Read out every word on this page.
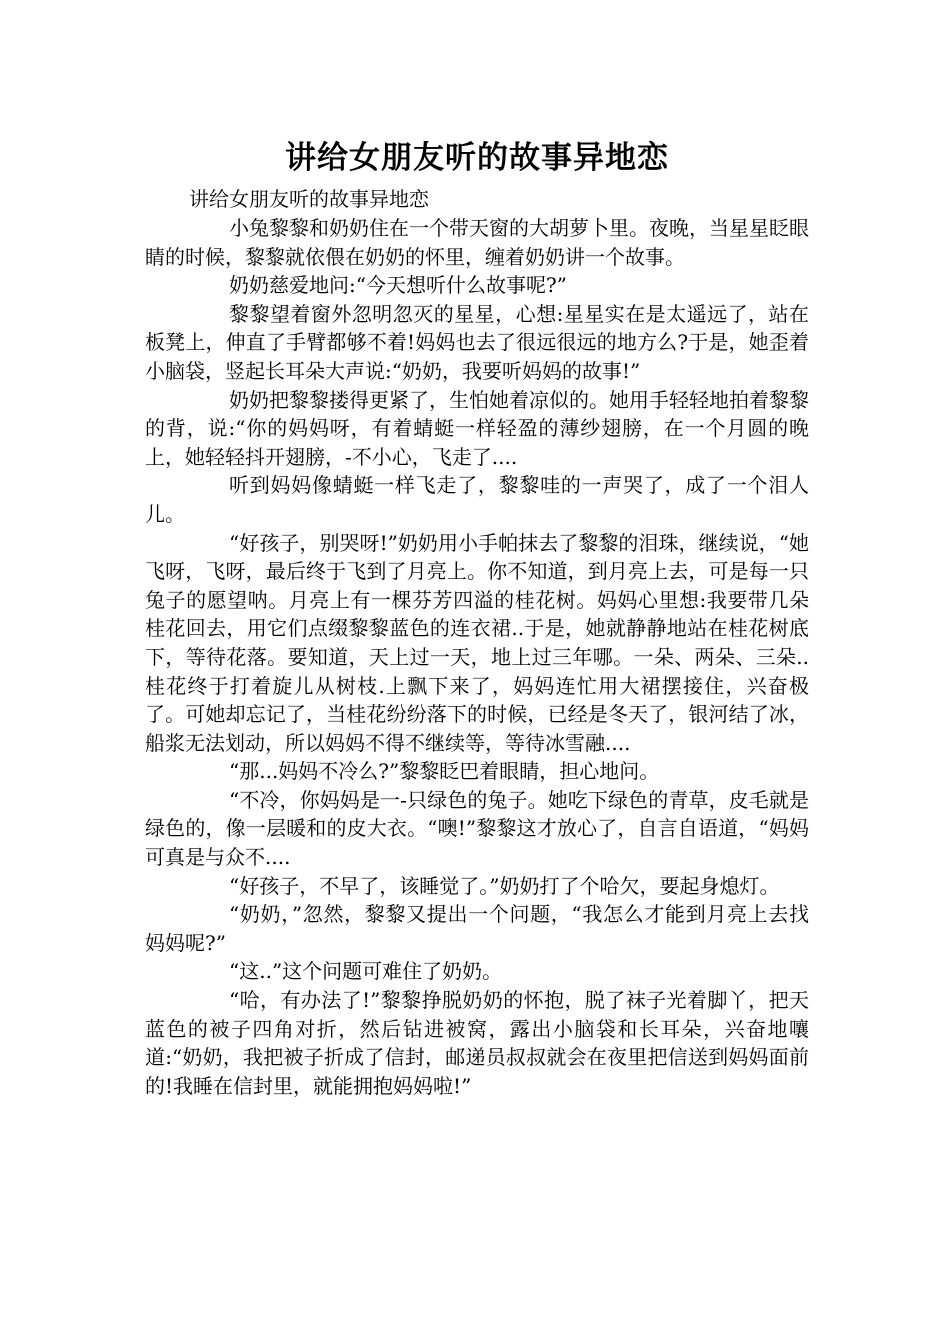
讲给女朋友听的故事异地恋

讲给女朋友听的故事异地恋

小兔黎黎和奶奶住在一个带天窗的大胡萝卜里。夜晚，当星星眨眼睛的时候，黎黎就依偎在奶奶的怀里，缠着奶奶讲一个故事。

奶奶慈爱地问:“今天想听什么故事呢?”

黎黎望着窗外忽明忽灭的星星，心想:星星实在是太遥远了，站在板凳上，伸直了手臂都够不着!妈妈也去了很远很远的地方么?于是，她歪着小脑袋，竖起长耳朵大声说:“奶奶，我要听妈妈的故事!”

奶奶把黎黎搂得更紧了，生怕她着凉似的。她用手轻轻地拍着黎黎的背，说:“你的妈妈呀，有着蜻蜓一样轻盈的薄纱翅膀，在一个月圆的晚上，她轻轻抖开翅膀，-不小心，飞走了....

听到妈妈像蜻蜓一样飞走了，黎黎哇的一声哭了，成了一个泪人儿。

“好孩子，别哭呀!”奶奶用小手帕抹去了黎黎的泪珠，继续说，“她飞呀，飞呀，最后终于飞到了月亮上。你不知道，到月亮上去，可是每一只兔子的愿望呐。月亮上有一棵芬芳四溢的桂花树。妈妈心里想:我要带几朵桂花回去，用它们点缀黎黎蓝色的连衣裙..于是，她就静静地站在桂花树底下，等待花落。要知道，天上过一天，地上过三年哪。一朵、两朵、三朵..桂花终于打着旋儿从树枝.上飘下来了，妈妈连忙用大裙摆接住，兴奋极了。可她却忘记了，当桂花纷纷落下的时候，已经是冬天了，银河结了冰，船浆无法划动，所以妈妈不得不继续等，等待冰雪融....

“那...妈妈不冷么?”黎黎眨巴着眼睛，担心地问。

“不冷，你妈妈是一-只绿色的兔子。她吃下绿色的青草，皮毛就是绿色的，像一层暖和的皮大衣。“噢!”黎黎这才放心了，自言自语道，“妈妈可真是与众不....

“好孩子，不早了，该睡觉了。”奶奶打了个哈欠，要起身熄灯。

“奶奶，”忽然，黎黎又提出一个问题，“我怎么才能到月亮上去找妈妈呢?”

“这..”这个问题可难住了奶奶。

“哈，有办法了!”黎黎挣脱奶奶的怀抱，脱了袜子光着脚丫，把天蓝色的被子四角对折，然后钻进被窝，露出小脑袋和长耳朵，兴奋地嚷道:“奶奶，我把被子折成了信封，邮递员叔叔就会在夜里把信送到妈妈面前的!我睡在信封里，就能拥抱妈妈啦!”
